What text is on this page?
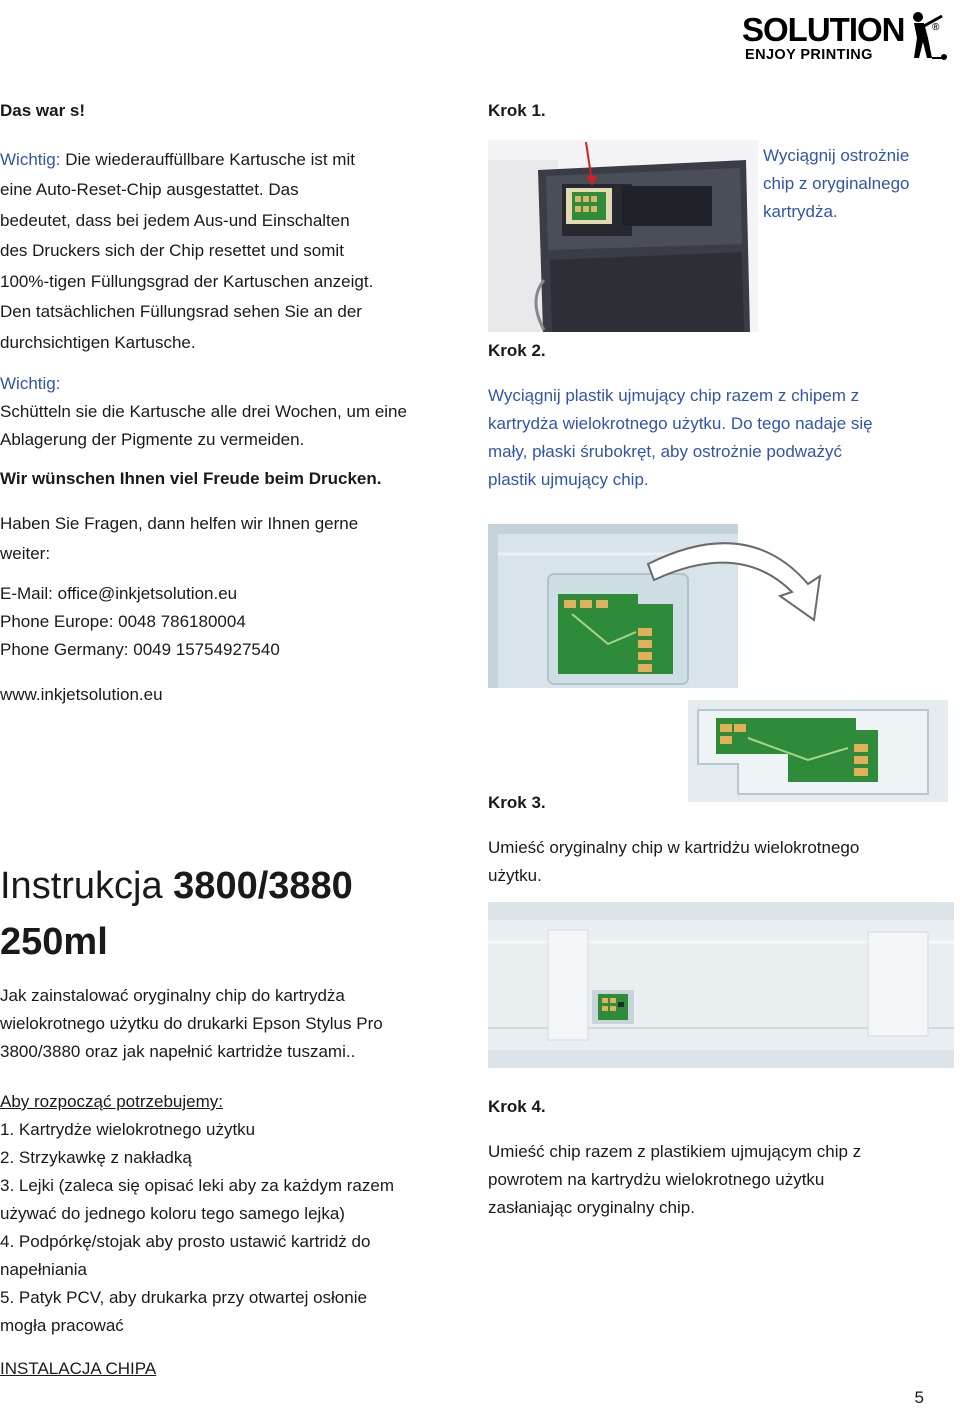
SOLUTION
ENJOY PRINTING
®

Das war s!

Wichtig: Die wiederauffüllbare Kartusche ist mit
eine Auto-Reset-Chip ausgestattet. Das
bedeutet, dass bei jedem Aus-und Einschalten
des Druckers sich der Chip resettet und somit
100%-tigen Füllungsgrad der Kartuschen anzeigt.
Den tatsächlichen Füllungsrad sehen Sie an der
durchsichtigen Kartusche.

Wichtig:
Schütteln sie die Kartusche alle drei Wochen, um eine
Ablagerung der Pigmente zu vermeiden.

Wir wünschen Ihnen viel Freude beim Drucken.

Haben Sie Fragen, dann helfen wir Ihnen gerne
weiter:

E-Mail: office@inkjetsolution.eu
Phone Europe: 0048 786180004
Phone Germany: 0049 15754927540

www.inkjetsolution.eu

Instrukcja 3800/3880

250ml

Jak zainstalować oryginalny chip do kartrydża
wielokrotnego użytku do drukarki Epson Stylus Pro
3800/3880 oraz jak napełnić kartridże tuszami..

Aby rozpocząć potrzebujemy:

1. Kartrydże wielokrotnego użytku
2. Strzykawkę z nakładką
3. Lejki (zaleca się opisać leki aby za każdym razem
używać do jednego koloru tego samego lejka)
4. Podpórkę/stojak aby prosto ustawić kartridż do
napełniania
5. Patyk PCV, aby drukarka przy otwartej osłonie
mogła pracować

INSTALACJA CHIPA

Krok 1.

Wyciągnij ostrożnie
chip z oryginalnego
kartrydża.

Krok 2.

Wyciągnij plastik ujmujący chip razem z chipem z
kartrydża wielokrotnego użytku. Do tego nadaje się
mały, płaski śrubokręt, aby ostrożnie podważyć
plastik ujmujący chip.

Krok 3.

Umieść oryginalny chip w kartridżu wielokrotnego
użytku.

Krok 4.

Umieść chip razem z plastikiem ujmującym chip z
powrotem na kartrydżu wielokrotnego użytku
zasłaniając oryginalny chip.

5
